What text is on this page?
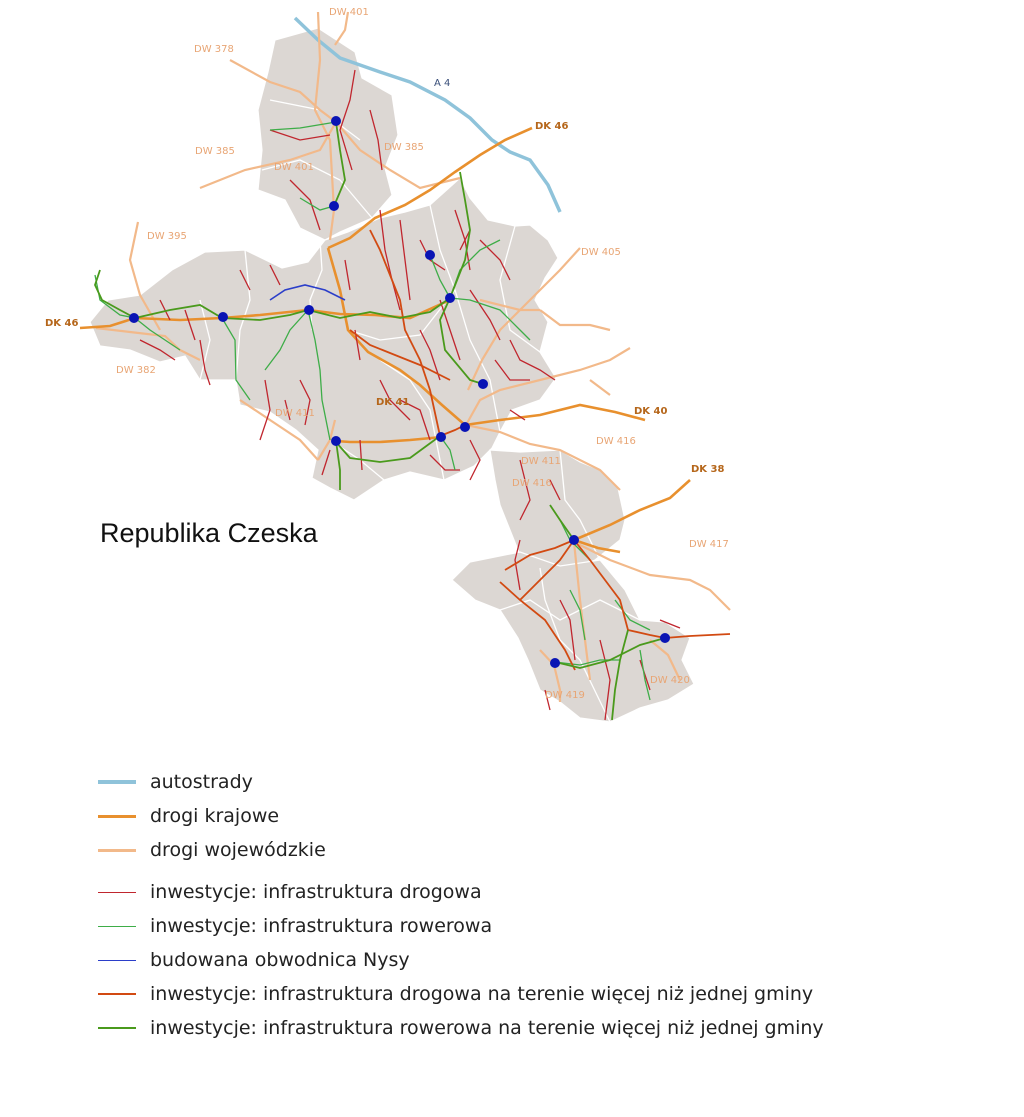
DW 401
DW 378
A 4
DK 46
DW 385
DW 401
DW 385
DW 395
DW 405
DK 46
DW 382
DW 411
DK 41
DK 40
DW 416
DW 411
DW 416
DK 38
DW 417
DW 419
DW 420
Republika Czeska
autostrady
drogi krajowe
drogi wojewódzkie
inwestycje: infrastruktura drogowa
inwestycje: infrastruktura rowerowa
budowana obwodnica Nysy
inwestycje: infrastruktura drogowa na terenie więcej niż jednej gminy
inwestycje: infrastruktura rowerowa na terenie więcej niż jednej gminy
